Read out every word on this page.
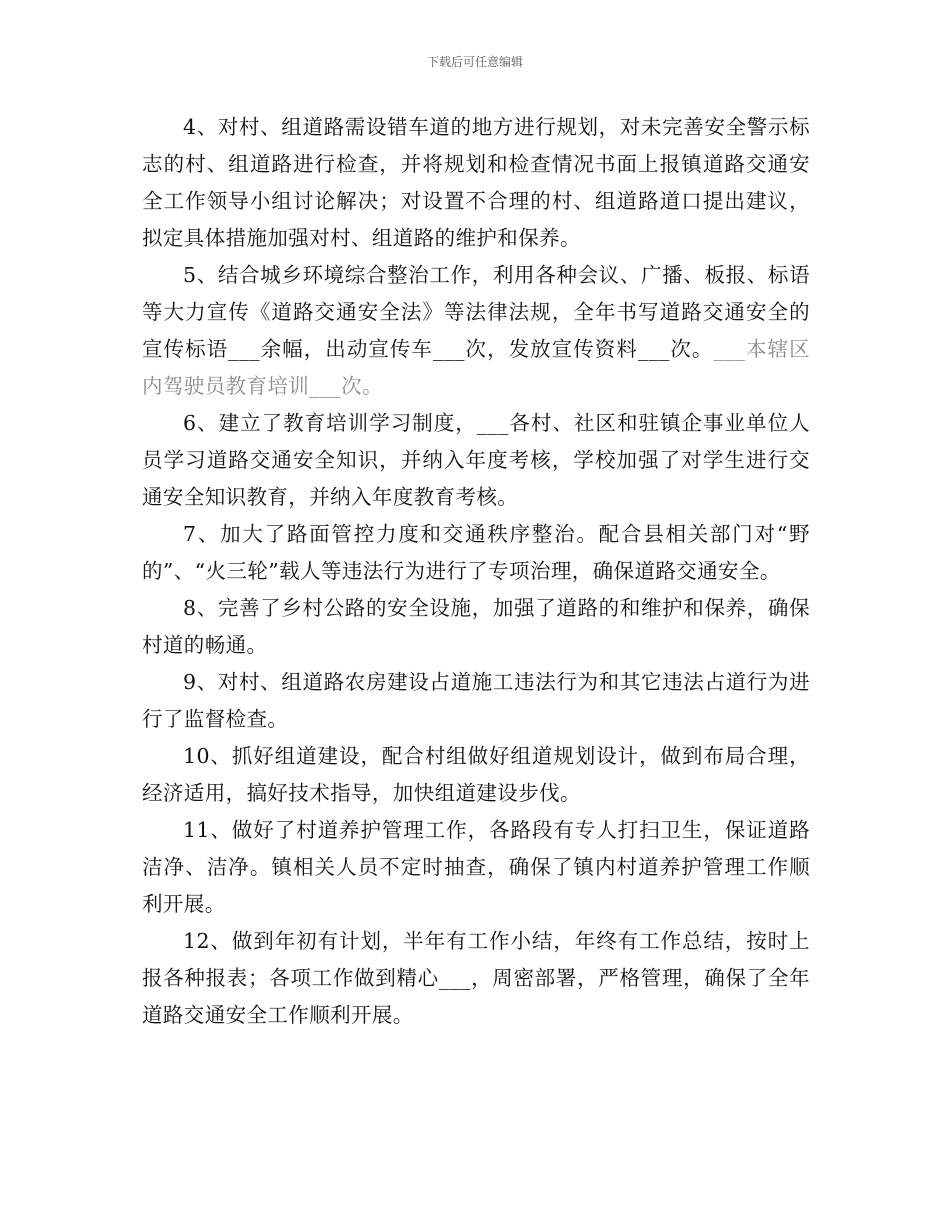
下载后可任意编辑

4、对村、组道路需设错车道的地方进行规划，对未完善安全警示标志的村、组道路进行检查，并将规划和检查情况书面上报镇道路交通安全工作领导小组讨论解决；对设置不合理的村、组道路道口提出建议，拟定具体措施加强对村、组道路的维护和保养。

5、结合城乡环境综合整治工作，利用各种会议、广播、板报、标语等大力宣传《道路交通安全法》等法律法规，全年书写道路交通安全的宣传标语___余幅，出动宣传车___次，发放宣传资料___次。___本辖区内驾驶员教育培训___次。

6、建立了教育培训学习制度，___各村、社区和驻镇企事业单位人员学习道路交通安全知识，并纳入年度考核，学校加强了对学生进行交通安全知识教育，并纳入年度教育考核。

7、加大了路面管控力度和交通秩序整治。配合县相关部门对“野的”、“火三轮”载人等违法行为进行了专项治理，确保道路交通安全。

8、完善了乡村公路的安全设施，加强了道路的和维护和保养，确保村道的畅通。

9、对村、组道路农房建设占道施工违法行为和其它违法占道行为进行了监督检查。

10、抓好组道建设，配合村组做好组道规划设计，做到布局合理，经济适用，搞好技术指导，加快组道建设步伐。

11、做好了村道养护管理工作，各路段有专人打扫卫生，保证道路洁净、洁净。镇相关人员不定时抽查，确保了镇内村道养护管理工作顺利开展。

12、做到年初有计划，半年有工作小结，年终有工作总结，按时上报各种报表；各项工作做到精心___，周密部署，严格管理，确保了全年道路交通安全工作顺利开展。
